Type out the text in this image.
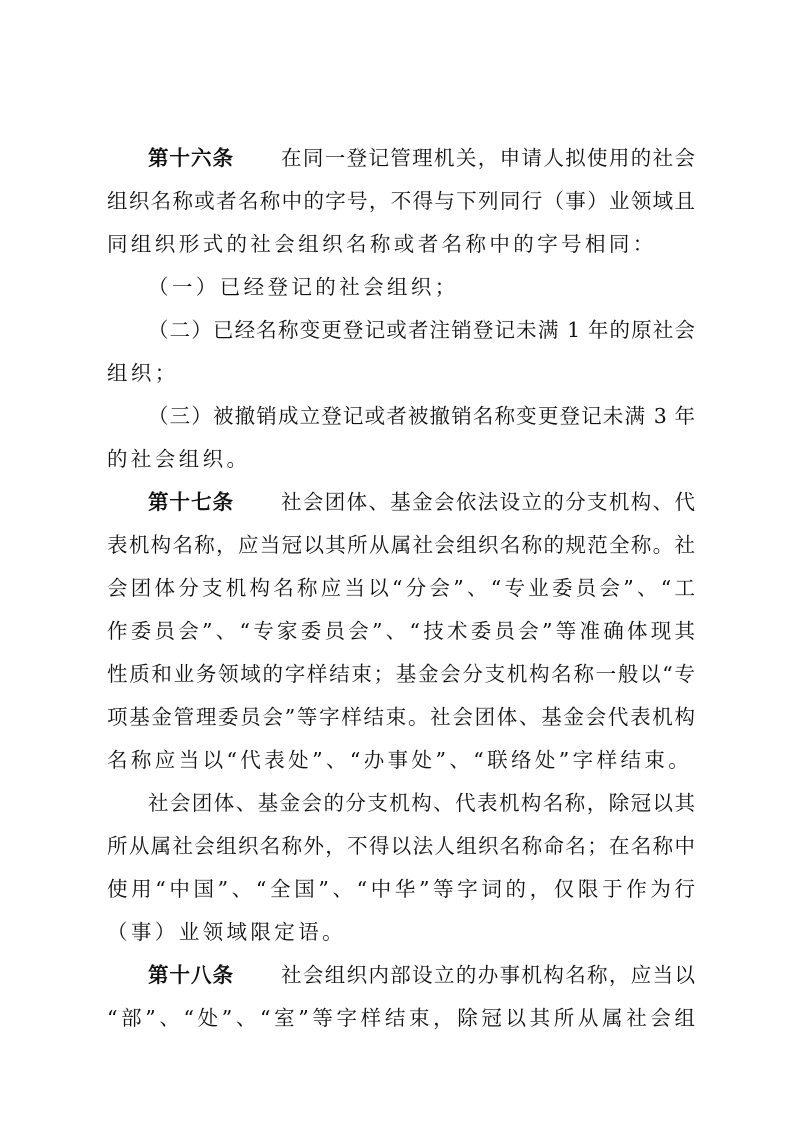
第十六条 在同一登记管理机关，申请人拟使用的社会
组织名称或者名称中的字号，不得与下列同行（事）业领域且
同组织形式的社会组织名称或者名称中的字号相同：
（一）已经登记的社会组织；
（二）已经名称变更登记或者注销登记未满 1 年的原社会
组织；
（三）被撤销成立登记或者被撤销名称变更登记未满 3 年
的社会组织。
第十七条 社会团体、基金会依法设立的分支机构、代
表机构名称，应当冠以其所从属社会组织名称的规范全称。社
会团体分支机构名称应当以“分会”、“专业委员会”、“工
作委员会”、“专家委员会”、“技术委员会”等准确体现其
性质和业务领域的字样结束；基金会分支机构名称一般以“专
项基金管理委员会”等字样结束。社会团体、基金会代表机构
名称应当以“代表处”、“办事处”、“联络处”字样结束。
社会团体、基金会的分支机构、代表机构名称，除冠以其
所从属社会组织名称外，不得以法人组织名称命名；在名称中
使用“中国”、“全国”、“中华”等字词的，仅限于作为行
（事）业领域限定语。
第十八条 社会组织内部设立的办事机构名称，应当以
“部”、“处”、“室”等字样结束，除冠以其所从属社会组
